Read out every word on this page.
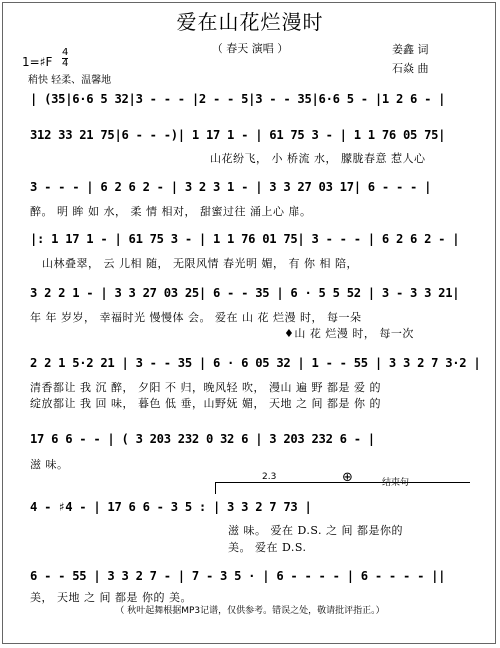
爱在山花烂漫时
（ 春天 演唱 ）	姜鑫 词
石焱 曲
1=♯F
4
4
稍快 轻柔、温馨地
| (35|6·6 5 32|3 - - - |2 - - 5|3 - - 35|6·6 5 - |1 2 6 - |
312 33 21 75|6 - - -)| 1 17 1 - | 61 75 3 - | 1 1 76 05 75|
山花纷飞， 小 桥流 水， 朦胧春意 惹人心
3 - - - | 6 2 6 2 - | 3 2 3 1 - | 3 3 27 03 17| 6 - - - |
醉。 明 眸 如 水， 柔 情 相对， 甜蜜过往 涌上心 扉。
|: 1 17 1 - | 61 75 3 - | 1 1 76 01 75| 3 - - - | 6 2 6 2 - |
山林叠翠， 云 儿相 随， 无限风情 春光明 媚， 有 你 相 陪，
3 2 2 1 - | 3 3 27 03 25| 6 - - 35 | 6 · 5 5 52 | 3 - 3 3 21|
年 年 岁岁， 幸福时光 慢慢体 会。 爱在 山 花 烂漫 时， 每一朵
♦山 花 烂漫 时， 每一次
2 2 1 5·2 21 | 3 - - 35 | 6 · 6 05 32 | 1 - - 55 | 3 3 2 7 3·2 |
清香都让 我 沉 醉， 夕阳 不 归，晚风轻 吹， 漫山 遍 野 都是 爱 的
绽放都让 我 回 味， 暮色 低 垂，山野妩 媚， 天地 之 间 都是 你 的
17 6 6 - - | ( 3 203 232 0 32 6 | 3 203 232 6 - |
滋 味。
2.3	⊕	结束句
4 - ♯4 - | 17 6 6 - 3 5 : | 3 3 2 7 73 |
滋 味。 爱在 D.S. 之 间 都是你的
美。 爱在 D.S.
6 - - 55 | 3 3 2 7 - | 7 - 3 5 · | 6 - - - - | 6 - - - - ||
美， 天地 之 间 都是 你的 美。
（ 秋叶起舞根据MP3记谱，仅供参考。错误之处，敬请批评指正。）
